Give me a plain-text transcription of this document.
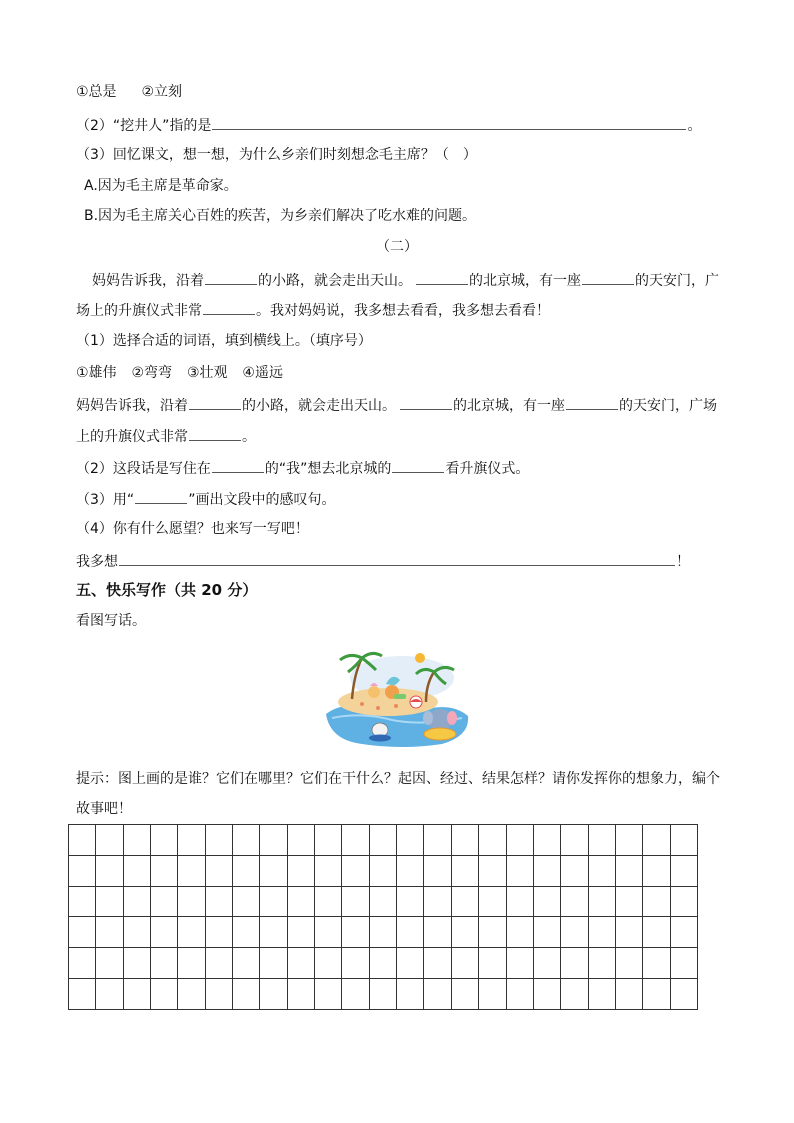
①总是 ②立刻
（2）“挖井人”指的是	。
（3）回忆课文，想一想，为什么乡亲们时刻想念毛主席？（　）
A.因为毛主席是革命家。
B.因为毛主席关心百姓的疾苦，为乡亲们解决了吃水难的问题。
（二）
妈妈告诉我，沿着	的小路，就会走出天山。	的北京城，有一座	的天安门，广
场上的升旗仪式非常	。我对妈妈说，我多想去看看，我多想去看看！
（1）选择合适的词语，填到横线上。（填序号）
①雄伟 ②弯弯 ③壮观 ④遥远
妈妈告诉我，沿着	的小路，就会走出天山。	的北京城，有一座	的天安门，广场
上的升旗仪式非常	。
（2）这段话是写住在	的“我”想去北京城的	看升旗仪式。
（3）用“	”画出文段中的感叹句。
（4）你有什么愿望？也来写一写吧！
我多想	！
五、快乐写作（共 20 分）
看图写话。
提示：图上画的是谁？它们在哪里？它们在干什么？起因、经过、结果怎样？请你发挥你的想象力，编个
故事吧！
